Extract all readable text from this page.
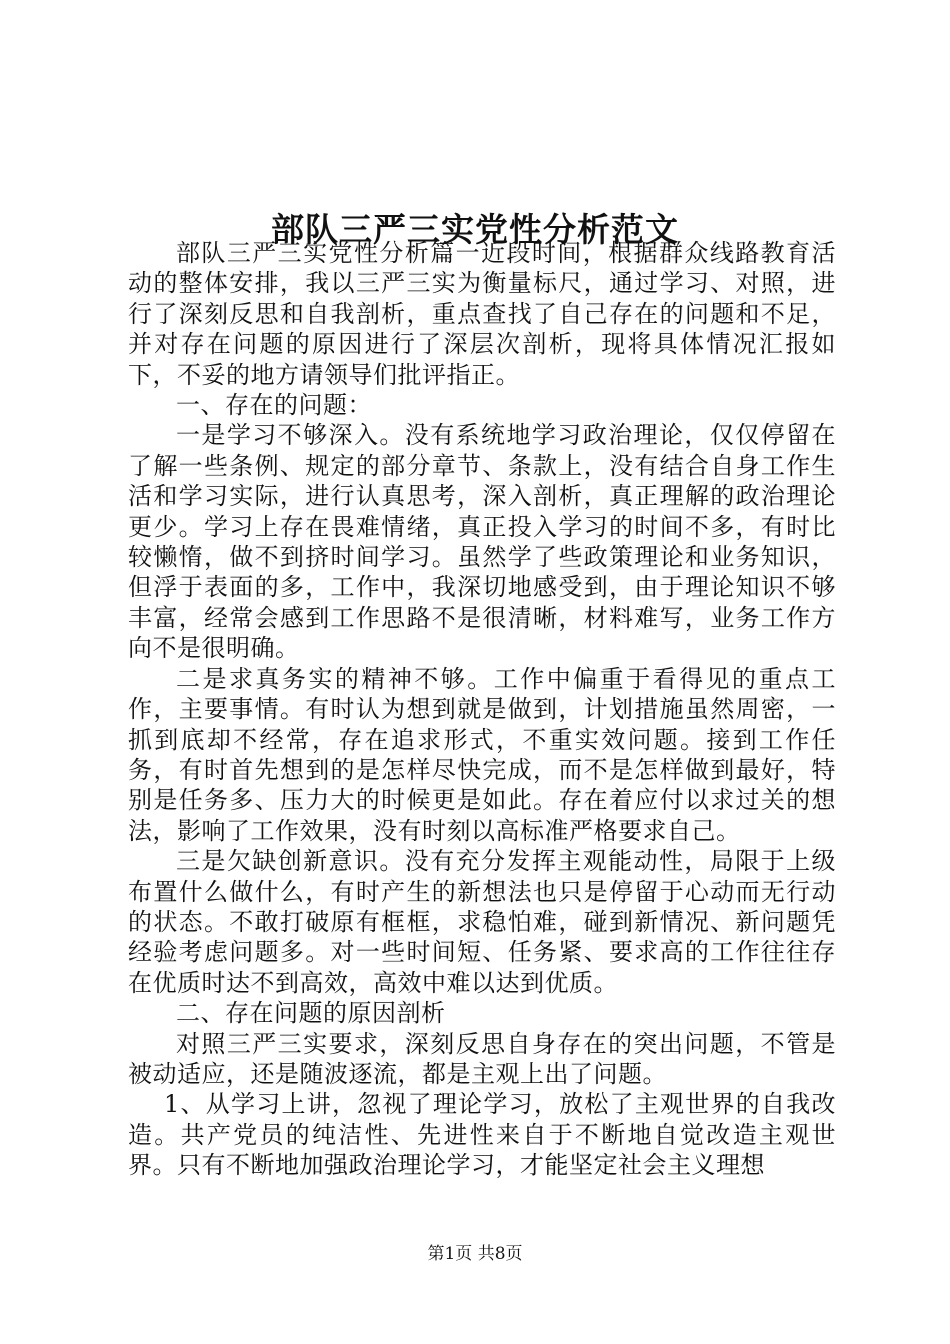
部队三严三实党性分析范文

部队三严三实党性分析篇一近段时间，根据群众线路教育活动的整体安排，我以三严三实为衡量标尺，通过学习、对照，进行了深刻反思和自我剖析，重点查找了自己存在的问题和不足，并对存在问题的原因进行了深层次剖析，现将具体情况汇报如下，不妥的地方请领导们批评指正。

一、存在的问题：

一是学习不够深入。没有系统地学习政治理论，仅仅停留在了解一些条例、规定的部分章节、条款上，没有结合自身工作生活和学习实际，进行认真思考，深入剖析，真正理解的政治理论更少。学习上存在畏难情绪，真正投入学习的时间不多，有时比较懒惰，做不到挤时间学习。虽然学了些政策理论和业务知识，但浮于表面的多，工作中，我深切地感受到，由于理论知识不够丰富，经常会感到工作思路不是很清晰，材料难写，业务工作方向不是很明确。

二是求真务实的精神不够。工作中偏重于看得见的重点工作，主要事情。有时认为想到就是做到，计划措施虽然周密，一抓到底却不经常，存在追求形式，不重实效问题。接到工作任务，有时首先想到的是怎样尽快完成，而不是怎样做到最好，特别是任务多、压力大的时候更是如此。存在着应付以求过关的想法，影响了工作效果，没有时刻以高标准严格要求自己。

三是欠缺创新意识。没有充分发挥主观能动性，局限于上级布置什么做什么，有时产生的新想法也只是停留于心动而无行动的状态。不敢打破原有框框，求稳怕难，碰到新情况、新问题凭经验考虑问题多。对一些时间短、任务紧、要求高的工作往往存在优质时达不到高效，高效中难以达到优质。

二、存在问题的原因剖析

对照三严三实要求，深刻反思自身存在的突出问题，不管是被动适应，还是随波逐流，都是主观上出了问题。

1、从学习上讲，忽视了理论学习，放松了主观世界的自我改造。共产党员的纯洁性、先进性来自于不断地自觉改造主观世界。只有不断地加强政治理论学习，才能坚定社会主义理想

第1页 共8页
